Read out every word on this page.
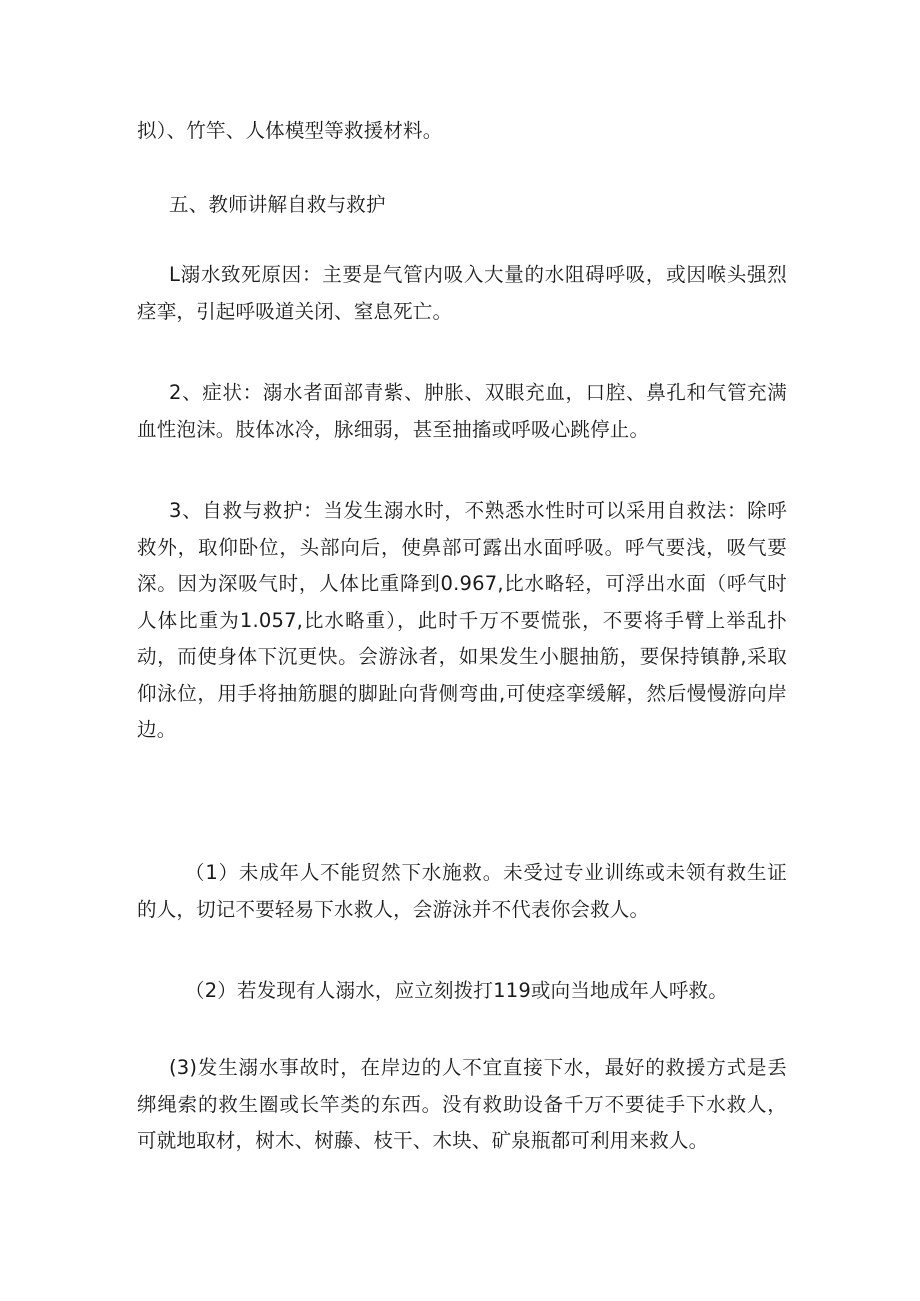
拟）、竹竿、人体模型等救援材料。

五、教师讲解自救与救护

L溺水致死原因：主要是气管内吸入大量的水阻碍呼吸，或因喉头强烈痉挛，引起呼吸道关闭、窒息死亡。

2、症状：溺水者面部青紫、肿胀、双眼充血，口腔、鼻孔和气管充满血性泡沫。肢体冰冷，脉细弱，甚至抽搐或呼吸心跳停止。

3、自救与救护：当发生溺水时，不熟悉水性时可以采用自救法：除呼救外，取仰卧位，头部向后，使鼻部可露出水面呼吸。呼气要浅，吸气要深。因为深吸气时，人体比重降到0.967,比水略轻，可浮出水面（呼气时人体比重为1.057,比水略重），此时千万不要慌张，不要将手臂上举乱扑动，而使身体下沉更快。会游泳者，如果发生小腿抽筋，要保持镇静,采取仰泳位，用手将抽筋腿的脚趾向背侧弯曲,可使痉挛缓解，然后慢慢游向岸边。

（1）未成年人不能贸然下水施救。未受过专业训练或未领有救生证的人，切记不要轻易下水救人，会游泳并不代表你会救人。

（2）若发现有人溺水，应立刻拨打119或向当地成年人呼救。

(3)发生溺水事故时，在岸边的人不宜直接下水，最好的救援方式是丢绑绳索的救生圈或长竿类的东西。没有救助设备千万不要徒手下水救人，可就地取材，树木、树藤、枝干、木块、矿泉瓶都可利用来救人。
